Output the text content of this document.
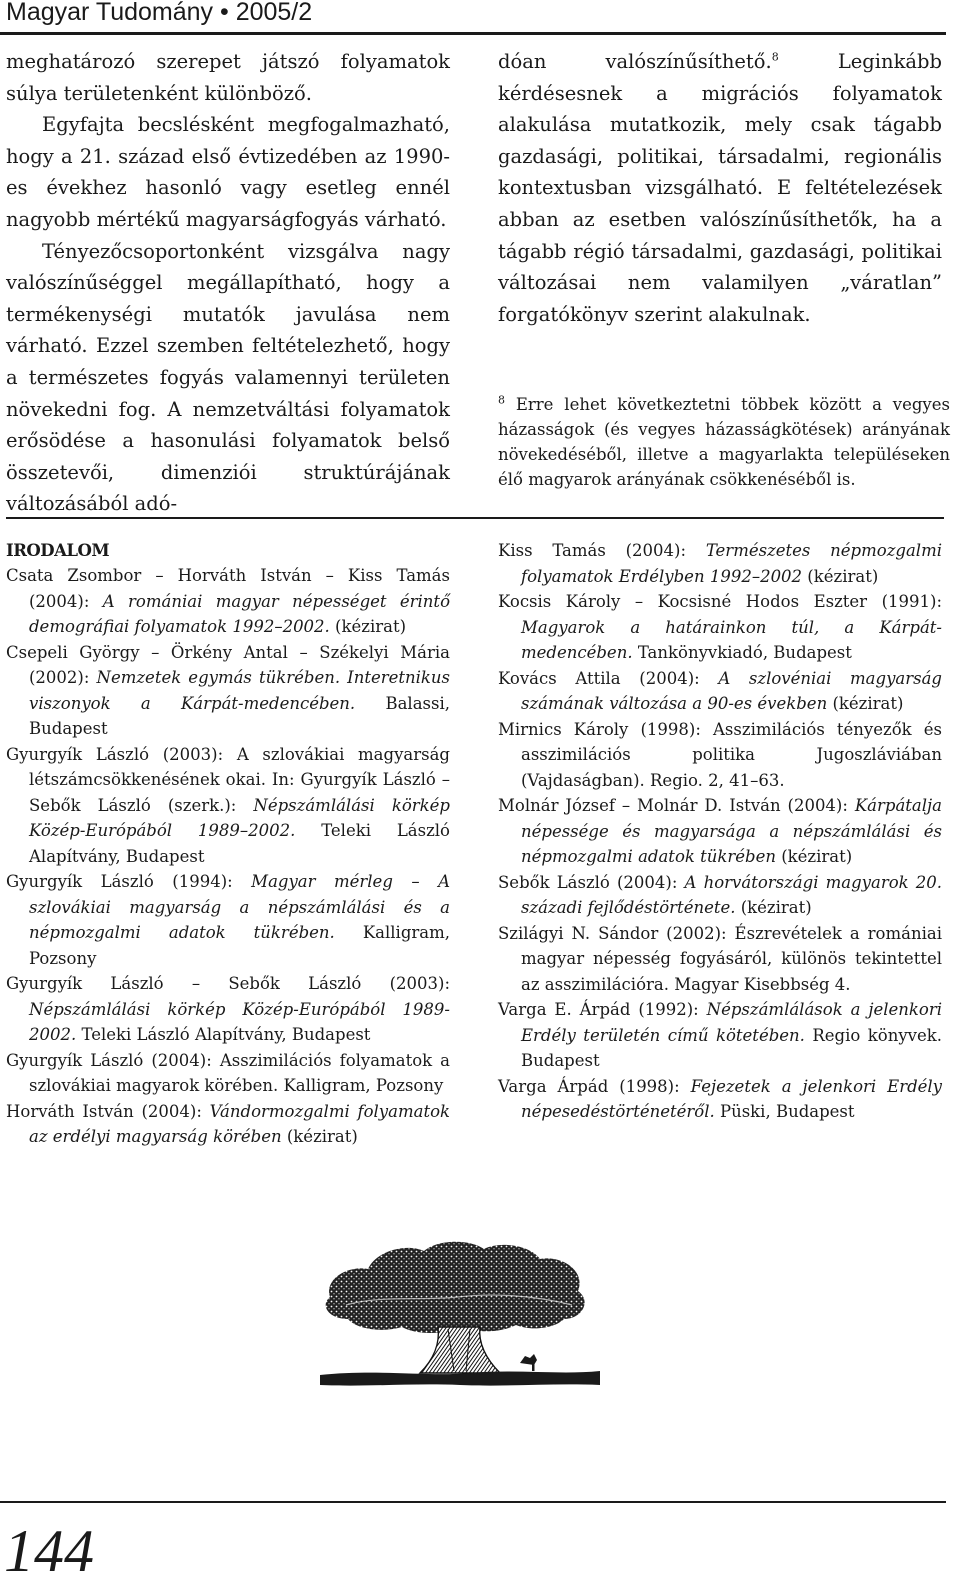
Magyar Tudomány • 2005/2

meghatározó szerepet játszó folyamatok súlya területenként különböző.

Egyfajta becslésként megfogalmazható, hogy a 21. század első évtizedében az 1990-es évekhez hasonló vagy esetleg ennél nagyobb mértékű magyarságfogyás várható.

Tényezőcsoportonként vizsgálva nagy valószínűséggel megállapítható, hogy a termékenységi mutatók javulása nem várható. Ezzel szemben feltételezhető, hogy a természetes fogyás valamennyi területen növekedni fog. A nemzetváltási folyamatok erősödése a hasonulási folyamatok belső összetevői, dimenziói struktúrájának változásából adó-

dóan valószínűsíthető.$^8$ Leginkább kérdésesnek a migrációs folyamatok alakulása mutatkozik, mely csak tágabb gazdasági, politikai, társadalmi, regionális kontextusban vizsgálható. E feltételezések abban az esetben valószínűsíthetők, ha a tágabb régió társadalmi, gazdasági, politikai változásai nem valamilyen „váratlan” forgatókönyv szerint alakulnak.

$^8$ Erre lehet következtetni többek között a vegyes házasságok (és vegyes házasságkötések) arányának növekedéséből, illetve a magyarlakta településeken élő magyarok arányának csökkenéséből is.

IRODALOM
Csata Zsombor – Horváth István – Kiss Tamás (2004): A romániai magyar népességet érintő demográfiai folyamatok 1992–2002. (kézirat)
Csepeli György – Örkény Antal – Székelyi Mária (2002): Nemzetek egymás tükrében. Interetnikus viszonyok a Kárpát-medencében. Balassi, Budapest
Gyurgyík László (2003): A szlovákiai magyarság létszámcsökkenésének okai. In: Gyurgyík László – Sebők László (szerk.): Népszámlálási körkép Közép-Európából 1989–2002. Teleki László Alapítvány, Budapest
Gyurgyík László (1994): Magyar mérleg – A szlovákiai magyarság a népszámlálási és a népmozgalmi adatok tükrében. Kalligram, Pozsony
Gyurgyík László – Sebők László (2003): Népszámlálási körkép Közép-Európából 1989-2002. Teleki László Alapítvány, Budapest
Gyurgyík László (2004): Asszimilációs folyamatok a szlovákiai magyarok körében. Kalligram, Pozsony
Horváth István (2004): Vándormozgalmi folyamatok az erdélyi magyarság körében (kézirat)
Kiss Tamás (2004): Természetes népmozgalmi folyamatok Erdélyben 1992–2002 (kézirat)
Kocsis Károly – Kocsisné Hodos Eszter (1991): Magyarok a határainkon túl, a Kárpát-medencében. Tankönyvkiadó, Budapest
Kovács Attila (2004): A szlovéniai magyarság számának változása a 90-es években (kézirat)
Mirnics Károly (1998): Asszimilációs tényezők és asszimilációs politika Jugoszláviában (Vajdaságban). Regio. 2, 41–63.
Molnár József – Molnár D. István (2004): Kárpátalja népessége és magyarsága a népszámlálási és népmozgalmi adatok tükrében (kézirat)
Sebők László (2004): A horvátországi magyarok 20. századi fejlődéstörténete. (kézirat)
Szilágyi N. Sándor (2002): Észrevételek a romániai magyar népesség fogyásáról, különös tekintettel az asszimilációra. Magyar Kisebbség 4.
Varga E. Árpád (1992): Népszámlálások a jelenkori Erdély területén című kötetében. Regio könyvek. Budapest
Varga Árpád (1998): Fejezetek a jelenkori Erdély népesedéstörténetéről. Püski, Budapest
144
